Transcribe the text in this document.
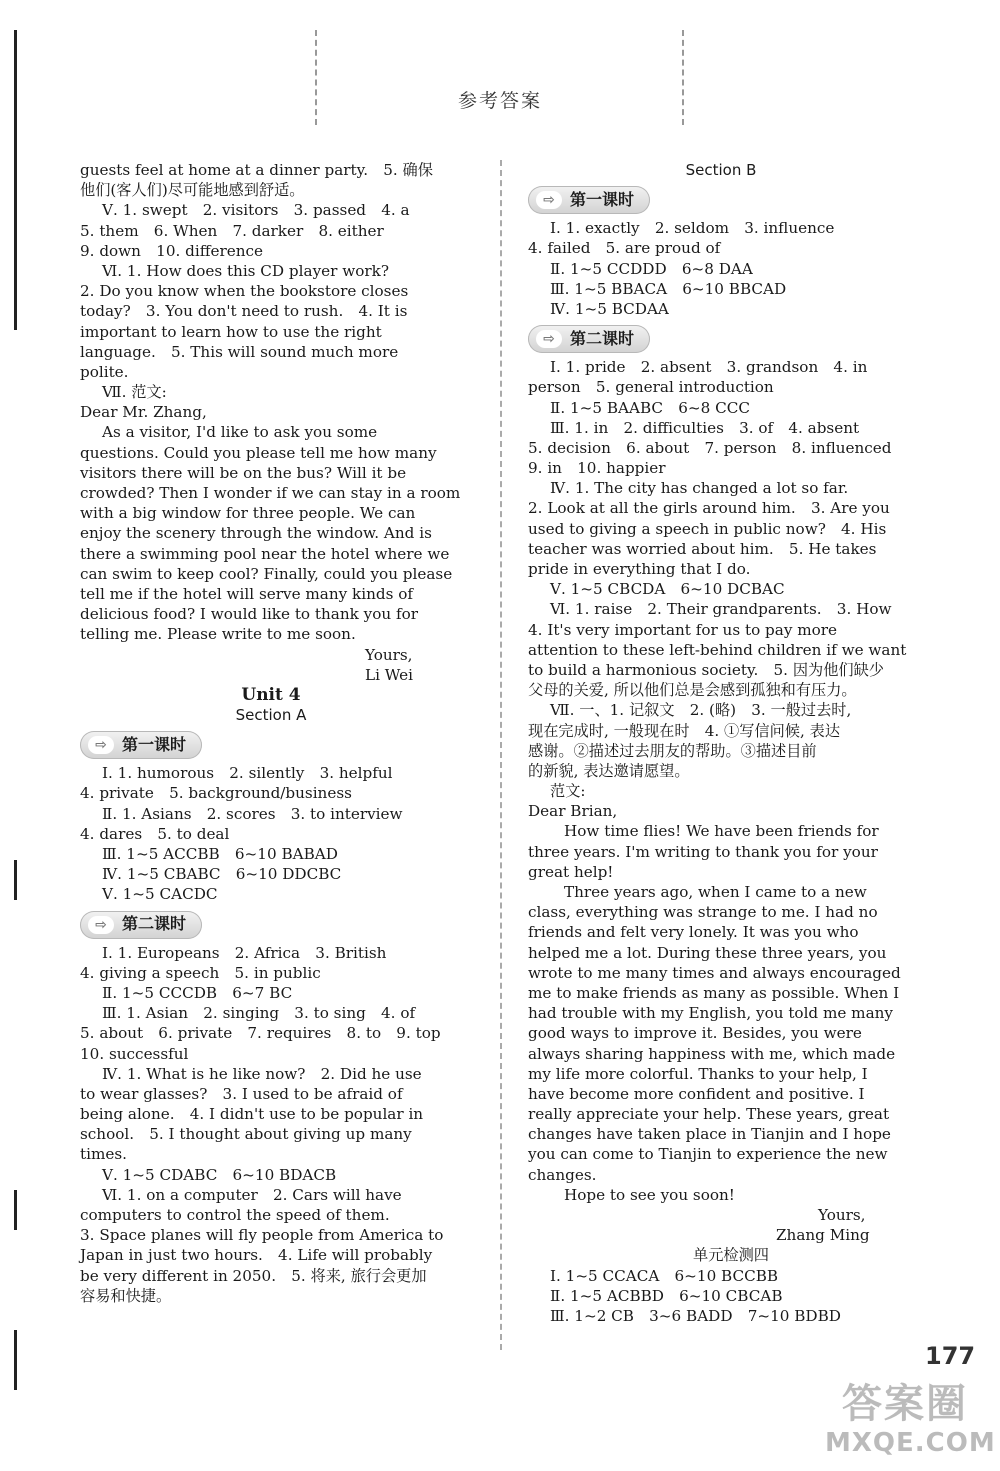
参考答案
guests feel at home at a dinner party.　5. 确保
他们(客人们)尽可能地感到舒适。
Ⅴ. 1. swept　2. visitors　3. passed　4. a
5. them　6. When　7. darker　8. either
9. down　10. difference
Ⅵ. 1. How does this CD player work?
2. Do you know when the bookstore closes
today?　3. You don't need to rush.　4. It is
important to learn how to use the right
language.　5. This will sound much more
polite.
Ⅶ. 范文:
Dear Mr. Zhang,
As a visitor, I'd like to ask you some
questions. Could you please tell me how many
visitors there will be on the bus? Will it be
crowded? Then I wonder if we can stay in a room
with a big window for three people. We can
enjoy the scenery through the window. And is
there a swimming pool near the hotel where we
can swim to keep cool? Finally, could you please
tell me if the hotel will serve many kinds of
delicious food? I would like to thank you for
telling me. Please write to me soon.
Yours,
Li Wei
Unit 4
Section A
⇨ 第一课时
Ⅰ. 1. humorous　2. silently　3. helpful
4. private　5. background/business
Ⅱ. 1. Asians　2. scores　3. to interview
4. dares　5. to deal
Ⅲ. 1~5 ACCBB　6~10 BABAD
Ⅳ. 1~5 CBABC　6~10 DDCBC
Ⅴ. 1~5 CACDC
⇨ 第二课时
Ⅰ. 1. Europeans　2. Africa　3. British
4. giving a speech　5. in public
Ⅱ. 1~5 CCCDB　6~7 BC
Ⅲ. 1. Asian　2. singing　3. to sing　4. of
5. about　6. private　7. requires　8. to　9. top
10. successful
Ⅳ. 1. What is he like now?　2. Did he use
to wear glasses?　3. I used to be afraid of
being alone.　4. I didn't use to be popular in
school.　5. I thought about giving up many
times.
Ⅴ. 1~5 CDABC　6~10 BDACB
Ⅵ. 1. on a computer　2. Cars will have
computers to control the speed of them.
3. Space planes will fly people from America to
Japan in just two hours.　4. Life will probably
be very different in 2050.　5. 将来, 旅行会更加
容易和快捷。
Section B
⇨ 第一课时
Ⅰ. 1. exactly　2. seldom　3. influence
4. failed　5. are proud of
Ⅱ. 1~5 CCDDD　6~8 DAA
Ⅲ. 1~5 BBACA　6~10 BBCAD
Ⅳ. 1~5 BCDAA
⇨ 第二课时
Ⅰ. 1. pride　2. absent　3. grandson　4. in
person　5. general introduction
Ⅱ. 1~5 BAABC　6~8 CCC
Ⅲ. 1. in　2. difficulties　3. of　4. absent
5. decision　6. about　7. person　8. influenced
9. in　10. happier
Ⅳ. 1. The city has changed a lot so far.
2. Look at all the girls around him.　3. Are you
used to giving a speech in public now?　4. His
teacher was worried about him.　5. He takes
pride in everything that I do.
Ⅴ. 1~5 CBCDA　6~10 DCBAC
Ⅵ. 1. raise　2. Their grandparents.　3. How
4. It's very important for us to pay more
attention to these left-behind children if we want
to build a harmonious society.　5. 因为他们缺少
父母的关爱, 所以他们总是会感到孤独和有压力。
Ⅶ. 一、1. 记叙文　2. (略)　3. 一般过去时,
现在完成时, 一般现在时　4. ①写信问候, 表达
感谢。②描述过去朋友的帮助。③描述目前
的新貌, 表达邀请愿望。
范文:
Dear Brian,
How time flies! We have been friends for
three years. I'm writing to thank you for your
great help!
Three years ago, when I came to a new
class, everything was strange to me. I had no
friends and felt very lonely. It was you who
helped me a lot. During these three years, you
wrote to me many times and always encouraged
me to make friends as many as possible. When I
had trouble with my English, you told me many
good ways to improve it. Besides, you were
always sharing happiness with me, which made
my life more colorful. Thanks to your help, I
have become more confident and positive. I
really appreciate your help. These years, great
changes have taken place in Tianjin and I hope
you can come to Tianjin to experience the new
changes.
Hope to see you soon!
Yours,
Zhang Ming
单元检测四
Ⅰ. 1~5 CCACA　6~10 BCCBB
Ⅱ. 1~5 ACBBD　6~10 CBCAB
Ⅲ. 1~2 CB　3~6 BADD　7~10 BDBD
177
答案圈
MXQE.COM
